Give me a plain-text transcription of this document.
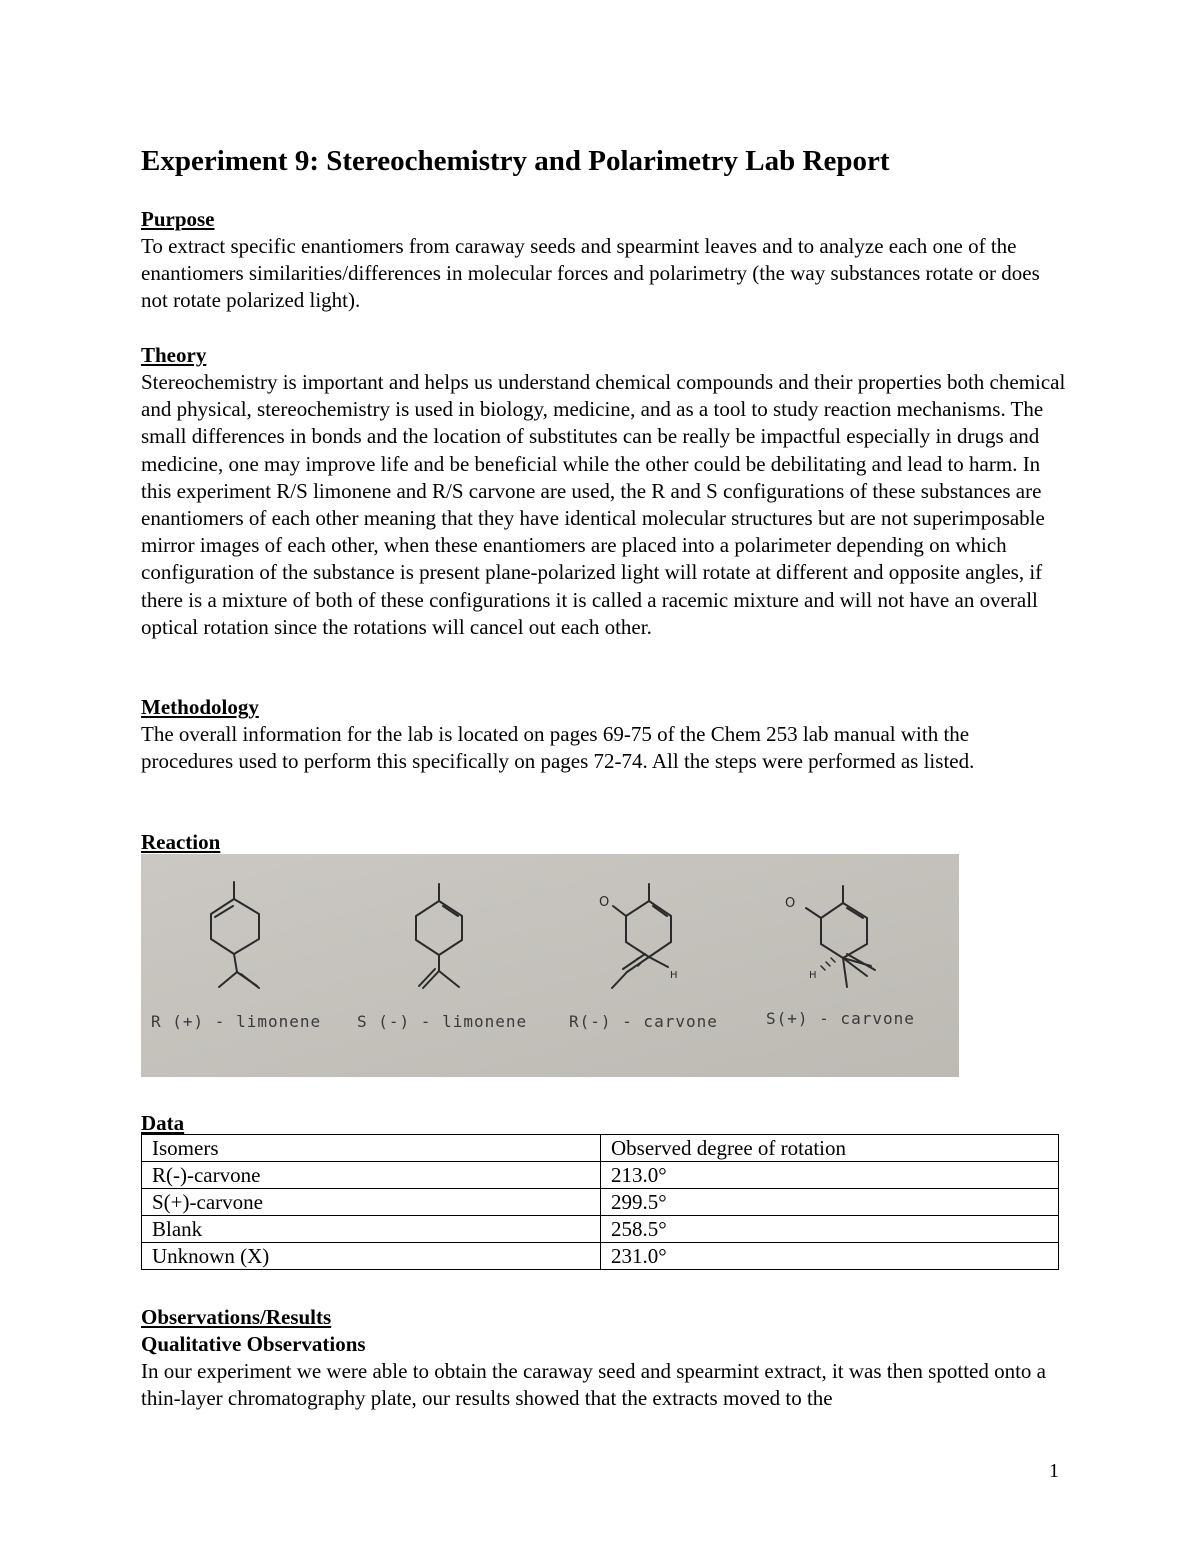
Experiment 9: Stereochemistry and Polarimetry Lab Report
Purpose

To extract specific enantiomers from caraway seeds and spearmint leaves and to analyze each one of the enantiomers similarities/differences in molecular forces and polarimetry (the way substances rotate or does not rotate polarized light).

Theory

Stereochemistry is important and helps us understand chemical compounds and their properties both chemical and physical, stereochemistry is used in biology, medicine, and as a tool to study reaction mechanisms. The small differences in bonds and the location of substitutes can be really be impactful especially in drugs and medicine, one may improve life and be beneficial while the other could be debilitating and lead to harm. In this experiment R/S limonene and R/S carvone are used, the R and S configurations of these substances are enantiomers of each other meaning that they have identical molecular structures but are not superimposable mirror images of each other, when these enantiomers are placed into a polarimeter depending on which configuration of the substance is present plane-polarized light will rotate at different and opposite angles, if there is a mixture of both of these configurations it is called a racemic mixture and will not have an overall optical rotation since the rotations will cancel out each other.

Methodology

The overall information for the lab is located on pages 69-75 of the Chem 253 lab manual with the procedures used to perform this specifically on pages 72-74. All the steps were performed as listed.

Reaction
O
H
O
H
R (+) - limonene S (-) - limonene	R(-) - carvone	S(+) - carvone
Data
Isomers	Observed degree of rotation
R(-)-carvone	213.0°
S(+)-carvone	299.5°
Blank	258.5°
Unknown (X)	231.0°
Observations/Results
Qualitative Observations

In our experiment we were able to obtain the caraway seed and spearmint extract, it was then spotted onto a thin-layer chromatography plate, our results showed that the extracts moved to the

1
